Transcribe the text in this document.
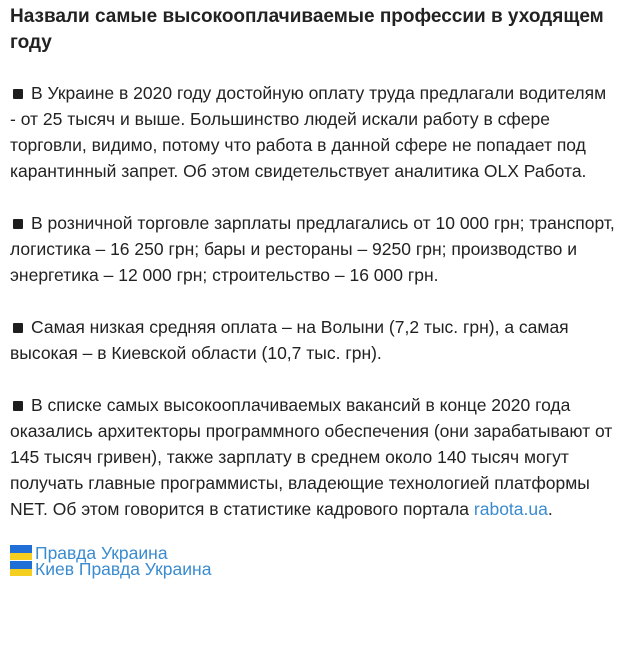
Назвали самые высокооплачиваемые профессии в уходящем году
В Украине в 2020 году достойную оплату труда предлагали водителям - от 25 тысяч и выше. Большинство людей искали работу в сфере торговли, видимо, потому что работа в данной сфере не попадает под карантинный запрет. Об этом свидетельствует аналитика OLX Работа.
В розничной торговле зарплаты предлагались от 10 000 грн; транспорт, логистика – 16 250 грн; бары и рестораны – 9250 грн; производство и энергетика – 12 000 грн; строительство – 16 000 грн.
Самая низкая средняя оплата – на Волыни (7,2 тыс. грн), а самая высокая – в Киевской области (10,7 тыс. грн).
В списке самых высокооплачиваемых вакансий в конце 2020 года оказались архитекторы программного обеспечения (они зарабатывают от 145 тысяч гривен), также зарплату в среднем около 140 тысяч могут получать главные программисты, владеющие технологией платформы NET. Об этом говорится в статистике кадрового портала rabota.ua.
Правда Украина
Киев Правда Украина
